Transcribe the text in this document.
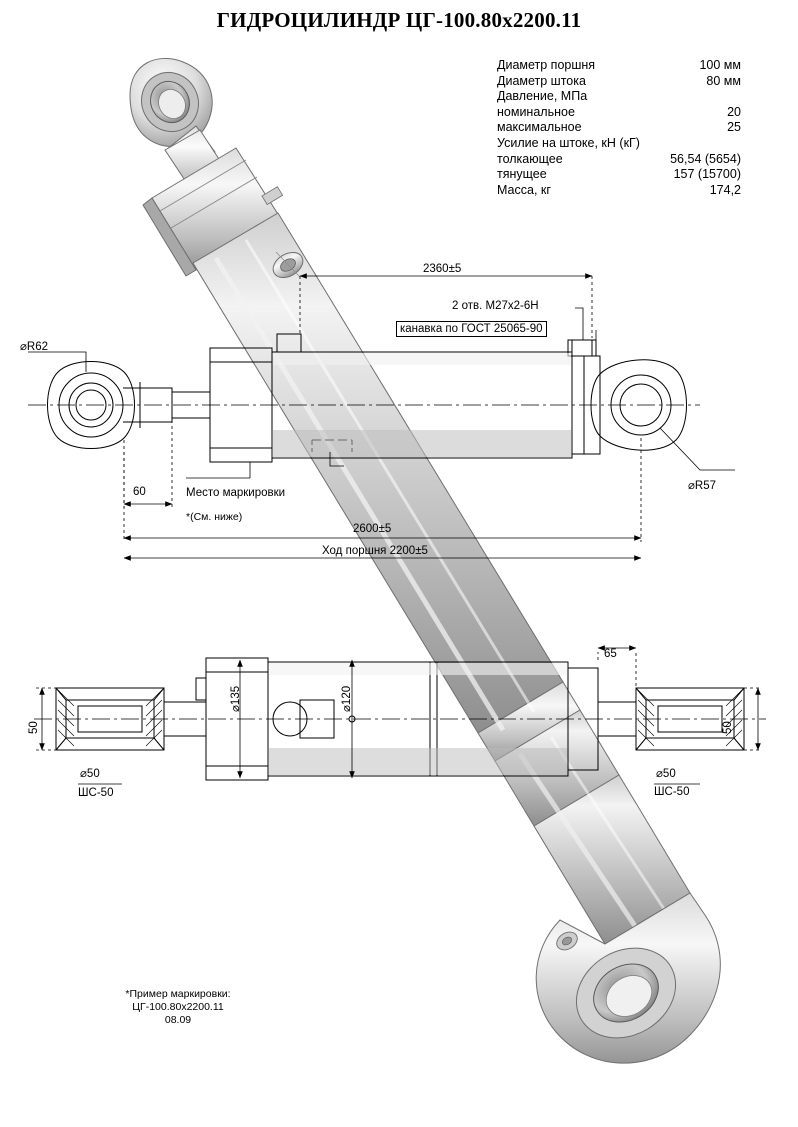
ГИДРОЦИЛИНДР ЦГ-100.80x2200.11
Диаметр поршня	100 мм
Диаметр штока	80 мм
Давление, МПа
номинальное	20
максимальное	25
Усилие на штоке, кН (кГ)
толкающее	56,54 (5654)
тянущее	157 (15700)
Масса, кг	174,2
2360±5
2 отв. М27х2-6Н
канавка по ГОСТ 25065-90
⌀R62
⌀R57
60
65
Место маркировки
*(См. ниже)
2600±5
Ход поршня 2200±5
⌀135	⌀120
50	50
⌀50	⌀50
ШС-50	ШС-50
*Пример маркировки:
ЦГ-100.80х2200.11
08.09
